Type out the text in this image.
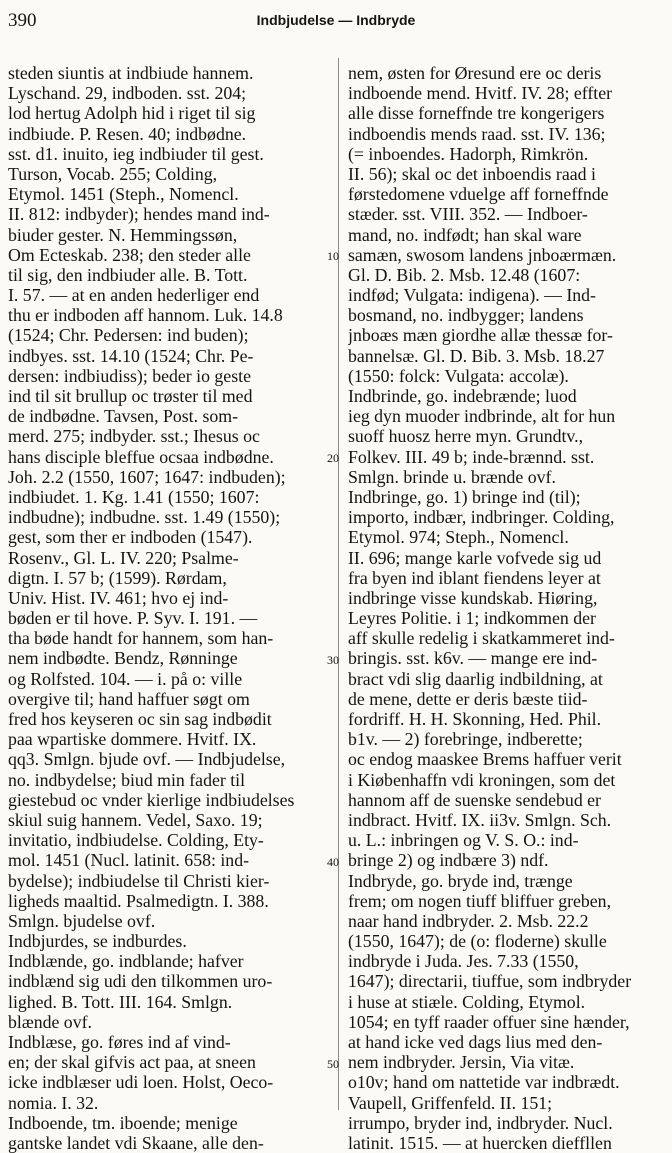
390	Indbjudelse — Indbryde
steden siuntis at indbiude hannem.
Lyschand. 29, indboden. sst. 204;
lod hertug Adolph hid i riget til sig
indbiude. P. Resen. 40; indbødne.
sst. d1. inuito, ieg indbiuder til gest.
Turson, Vocab. 255; Colding,
Etymol. 1451 (Steph., Nomencl.
II. 812: indbyder); hendes mand ind-
biuder gester. N. Hemmingssøn,
Om Ecteskab. 238; den steder alle
til sig, den indbiuder alle. B. Tott.
I. 57. — at en anden hederliger end
thu er indboden aff hannom. Luk. 14.8
(1524; Chr. Pedersen: ind buden);
indbyes. sst. 14.10 (1524; Chr. Pe-
dersen: indbiudiss); beder io geste
ind til sit brullup oc trøster til med
de indbødne. Tavsen, Post. som-
merd. 275; indbyder. sst.; Ihesus oc
hans disciple bleffue ocsaa indbødne.
Joh. 2.2 (1550, 1607; 1647: indbuden);
indbiudet. 1. Kg. 1.41 (1550; 1607:
indbudne); indbudne. sst. 1.49 (1550);
gest, som ther er indboden (1547).
Rosenv., Gl. L. IV. 220; Psalme-
digtn. I. 57 b; (1599). Rørdam,
Univ. Hist. IV. 461; hvo ej ind-
bøden er til hove. P. Syv. I. 191. —
tha bøde handt for hannem, som han-
nem indbødte. Bendz, Rønninge
og Rolfsted. 104. — i. på o: ville
overgive til; hand haffuer søgt om
fred hos keyseren oc sin sag indbødit
paa wpartiske dommere. Hvitf. IX.
qq3. Smlgn. bjude ovf. — Indbjudelse,
no. indbydelse; biud min fader til
giestebud oc vnder kierlige indbiudelses
skiul suig hannem. Vedel, Saxo. 19;
invitatio, indbiudelse. Colding, Ety-
mol. 1451 (Nucl. latinit. 658: ind-
bydelse); indbiudelse til Christi kier-
ligheds maaltid. Psalmedigtn. I. 388.
Smlgn. bjudelse ovf.
Indbjurdes, se indburdes.
Indblænde, go. indblande; hafver
indblænd sig udi den tilkommen uro-
lighed. B. Tott. III. 164. Smlgn.
blænde ovf.
Indblæse, go. føres ind af vind-
en; der skal gifvis act paa, at sneen
icke indblæser udi loen. Holst, Oeco-
nomia. I. 32.
Indboende, tm. iboende; menige
gantske landet vdi Skaane, alle den-
nem, østen for Øresund ere oc deris
indboende mend. Hvitf. IV. 28; effter
alle disse forneffnde tre kongerigers
indboendis mends raad. sst. IV. 136;
(= inboendes. Hadorph, Rimkrön.
II. 56); skal oc det inboendis raad i
førstedomene vduelge aff forneffnde
stæder. sst. VIII. 352. — Indboer-
mand, no. indfødt; han skal ware
samæn, swosom landens jnboærmæn.
Gl. D. Bib. 2. Msb. 12.48 (1607:
indfød; Vulgata: indigena). — Ind-
bosmand, no. indbygger; landens
jnboæs mæn giordhe allæ thessæ for-
bannelsæ. Gl. D. Bib. 3. Msb. 18.27
(1550: folck: Vulgata: accolæ).
Indbrinde, go. indebrænde; luod
ieg dyn muoder indbrinde, alt for hun
suoff huosz herre myn. Grundtv.,
Folkev. III. 49 b; inde-brænnd. sst.
Smlgn. brinde u. brænde ovf.
Indbringe, go. 1) bringe ind (til);
importo, indbær, indbringer. Colding,
Etymol. 974; Steph., Nomencl.
II. 696; mange karle vofvede sig ud
fra byen ind iblant fiendens leyer at
indbringe visse kundskab. Hiøring,
Leyres Politie. i 1; indkommen der
aff skulle redelig i skatkammeret ind-
bringis. sst. k6v. — mange ere ind-
bract vdi slig daarlig indbildning, at
de mene, dette er deris bæste tiid-
fordriff. H. H. Skonning, Hed. Phil.
b1v. — 2) forebringe, indberette;
oc endog maaskee Brems haffuer verit
i Kiøbenhaffn vdi kroningen, som det
hannom aff de suenske sendebud er
indbract. Hvitf. IX. ii3v. Smlgn. Sch.
u. L.: inbringen og V. S. O.: ind-
bringe 2) og indbære 3) ndf.
Indbryde, go. bryde ind, trænge
frem; om nogen tiuff bliffuer greben,
naar hand indbryder. 2. Msb. 22.2
(1550, 1647); de (o: floderne) skulle
indbryde i Juda. Jes. 7.33 (1550,
1647); directarii, tiuffue, som indbryder
i huse at stiæle. Colding, Etymol.
1054; en tyff raader offuer sine hænder,
at hand icke ved dags lius med den-
nem indbryder. Jersin, Via vitæ.
o10v; hand om nattetide var indbrædt.
Vaupell, Griffenfeld. II. 151;
irrumpo, bryder ind, indbryder. Nucl.
latinit. 1515. — at huercken dieffllen
10
20
30
40
50
